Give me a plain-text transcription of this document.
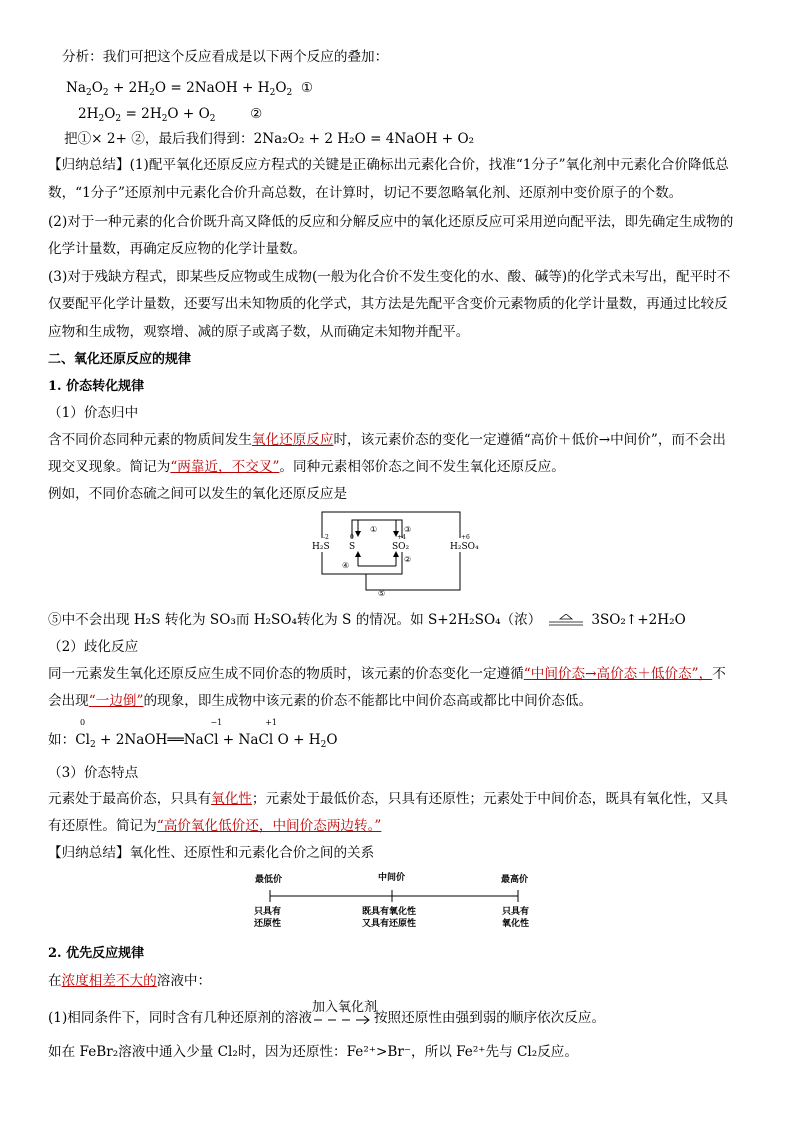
分析：我们可把这个反应看成是以下两个反应的叠加：
$Na_2O_2 + 2H_2O$ = 2NaOH + $H_2O_2$ ①
$2H_2O_2 = 2H_2O + O_2$	②
把①× 2+ ②，最后我们得到：2Na₂O₂ + 2 H₂O = 4NaOH + O₂
【归纳总结】(1)配平氧化还原反应方程式的关键是正确标出元素化合价，找准“1分子”氧化剂中元素化合价降低总
数，“1分子”还原剂中元素化合价升高总数，在计算时，切记不要忽略氧化剂、还原剂中变价原子的个数。
(2)对于一种元素的化合价既升高又降低的反应和分解反应中的氧化还原反应可采用逆向配平法，即先确定生成物的
化学计量数，再确定反应物的化学计量数。
(3)对于残缺方程式，即某些反应物或生成物(一般为化合价不发生变化的水、酸、碱等)的化学式未写出，配平时不
仅要配平化学计量数，还要写出未知物质的化学式，其方法是先配平含变价元素物质的化学计量数，再通过比较反
应物和生成物，观察增、减的原子或离子数，从而确定未知物并配平。
二、氧化还原反应的规律
1. 价态转化规律
（1）价态归中
含不同价态同种元素的物质间发生氧化还原反应时，该元素价态的变化一定遵循“高价＋低价→中间价”，而不会出
现交叉现象。简记为“两靠近，不交叉”。同种元素相邻价态之间不发生氧化还原反应。
例如，不同价态硫之间可以发生的氧化还原反应是
①	③
②
④
⑤
-2	0	+4	+6
H₂S S	SO₂	H₂SO₄
⑤中不会出现 H₂S 转化为 SO₃而 H₂SO₄转化为 S 的情况。如 S+2H₂SO₄（浓）	3SO₂↑+2H₂O
（2）歧化反应
同一元素发生氧化还原反应生成不同价态的物质时，该元素的价态变化一定遵循“中间价态→高价态＋低价态”，不
会出现“一边倒”的现象，即生成物中该元素的价态不能都比中间价态高或都比中间价态低。
如：
0
$Cl_2$ + 2NaOH══NaC
−1
l + NaC
+1
l $O + H_2O$
（3）价态特点
元素处于最高价态，只具有氧化性；元素处于最低价态，只具有还原性；元素处于中间价态，既具有氧化性，又具
有还原性。简记为“高价氧化低价还，中间价态两边转。”
【归纳总结】氧化性、还原性和元素化合价之间的关系
最低价	中间价	最高价
只具有
还原性
既具有氧化性
又具有还原性
只具有
氧化性
2. 优先反应规律
在浓度相差不大的溶液中：
(1)相同条件下，同时含有几种还原剂的溶液
加入氧化剂
按照还原性由强到弱的顺序依次反应。
如在 FeBr₂溶液中通入少量 Cl₂时，因为还原性：Fe²⁺>Br⁻，所以 Fe²⁺先与 Cl₂反应。
